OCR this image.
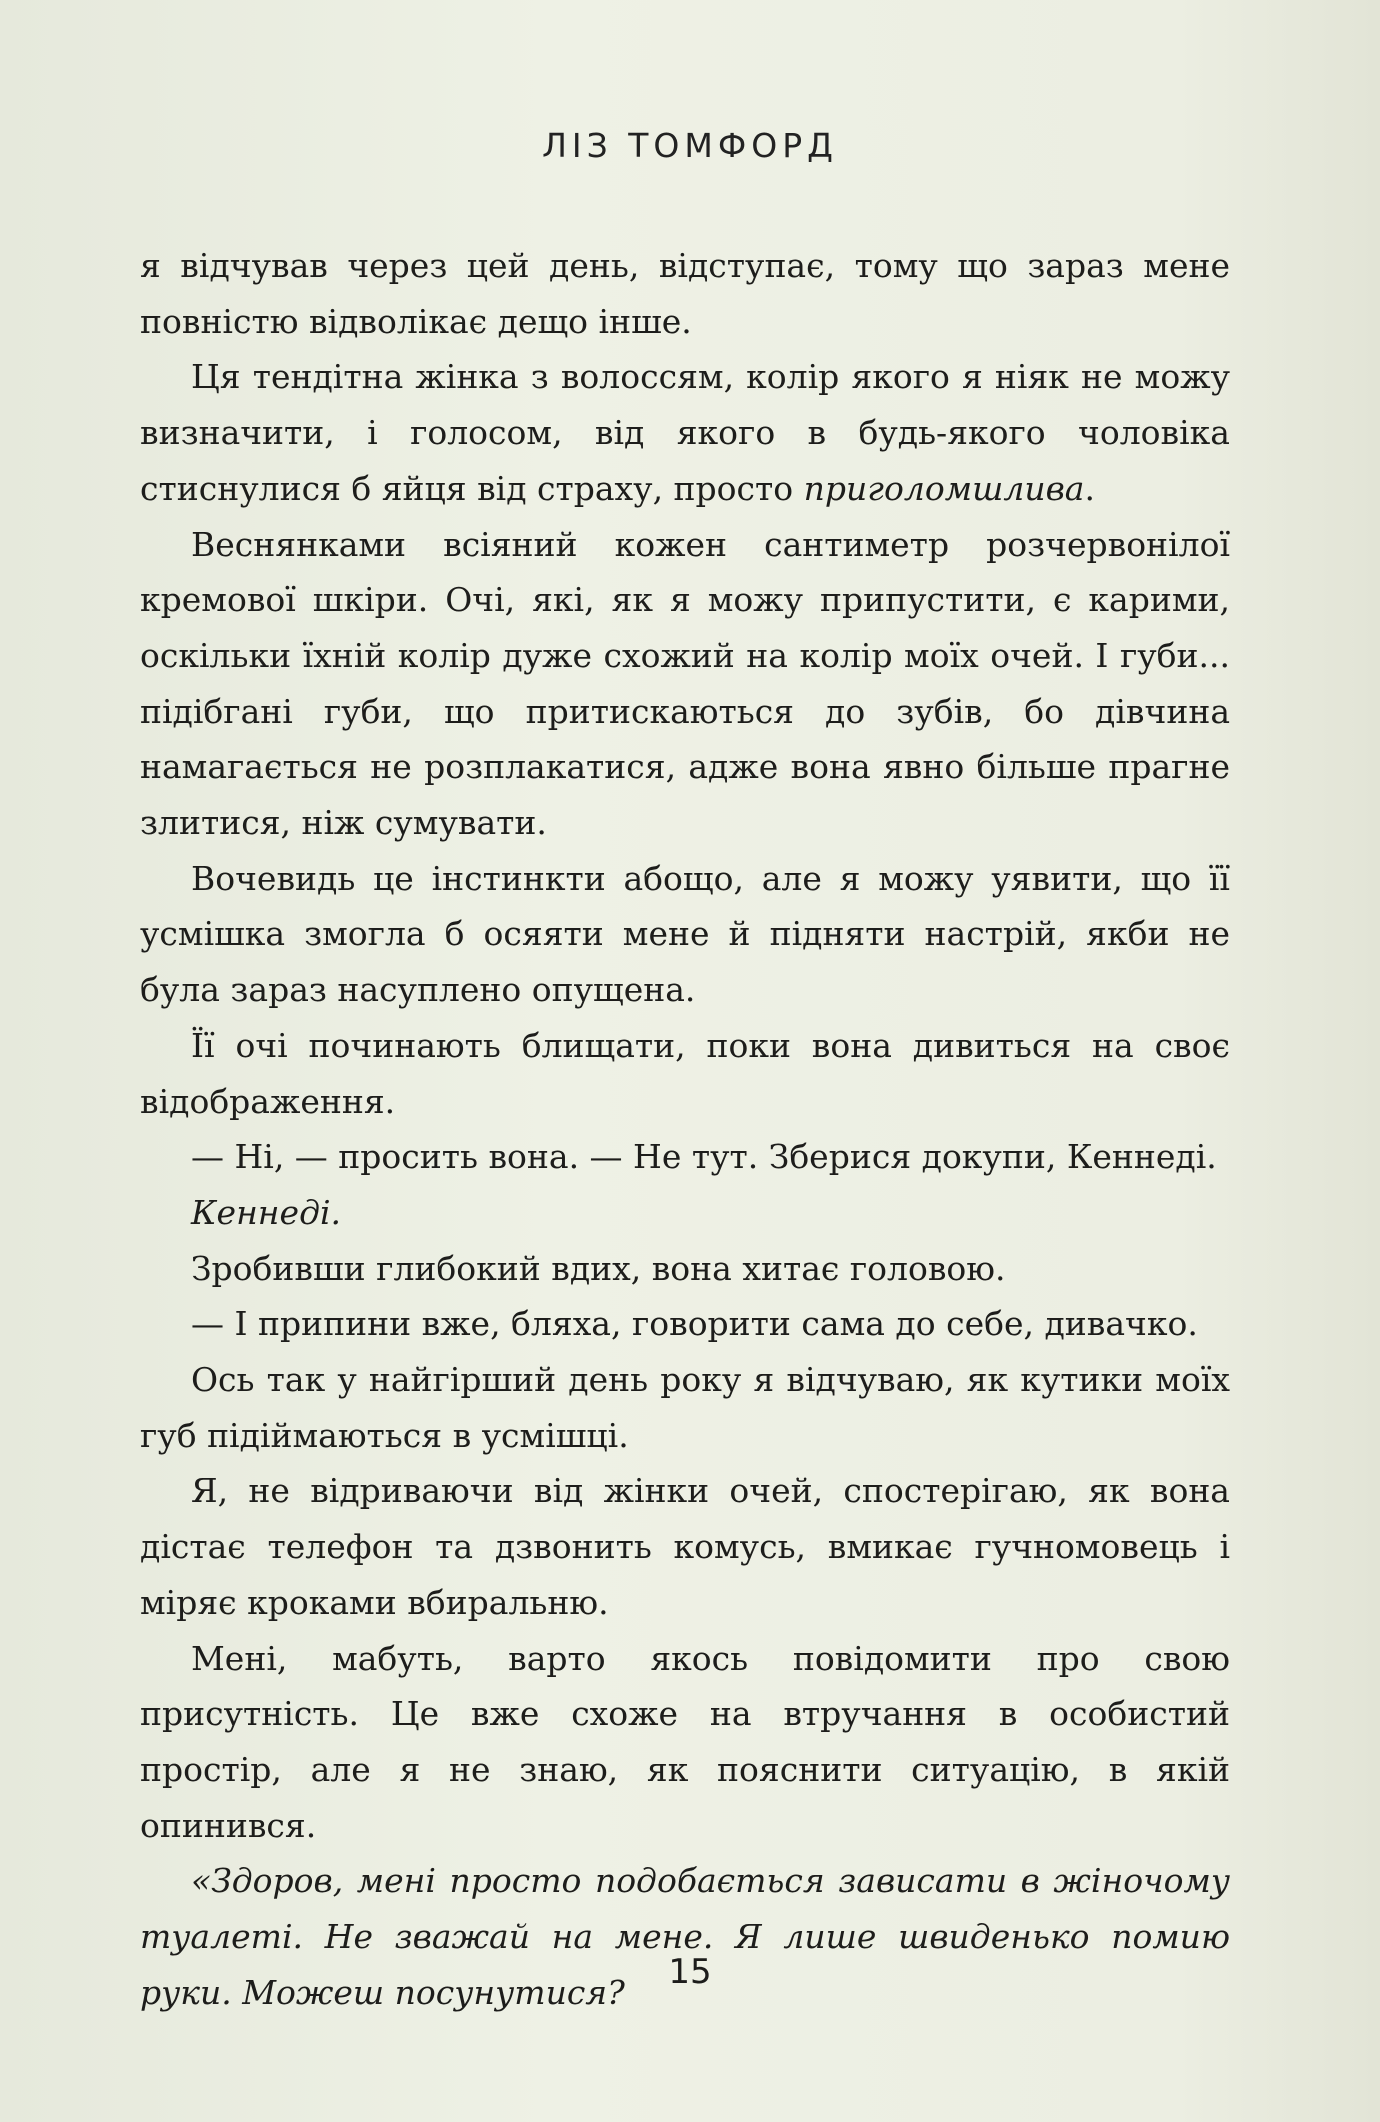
ЛІЗ ТОМФОРД

я відчував через цей день, відступає, тому що зараз мене повністю відволікає дещо інше.

Ця тендітна жінка з волоссям, колір якого я ніяк не можу визначити, і голосом, від якого в будь-якого чоловіка стиснулися б яйця від страху, просто приголомшлива.

Веснянками всіяний кожен сантиметр розчервонілої кремової шкіри. Очі, які, як я можу припустити, є карими, оскільки їхній колір дуже схожий на колір моїх очей. І губи... підібгані губи, що притискаються до зубів, бо дівчина намагається не розплакатися, адже вона явно більше прагне злитися, ніж сумувати.

Вочевидь це інстинкти абощо, але я можу уявити, що її усмішка змогла б осяяти мене й підняти настрій, якби не була зараз насуплено опущена.

Її очі починають блищати, поки вона дивиться на своє відображення.

— Ні, — просить вона. — Не тут. Зберися докупи, Кеннеді.

Кеннеді.

Зробивши глибокий вдих, вона хитає головою.

— І припини вже, бляха, говорити сама до себе, дивачко.

Ось так у найгірший день року я відчуваю, як кутики моїх губ підіймаються в усмішці.

Я, не відриваючи від жінки очей, спостерігаю, як вона дістає телефон та дзвонить комусь, вмикає гучномовець і міряє кроками вбиральню.

Мені, мабуть, варто якось повідомити про свою присутність. Це вже схоже на втручання в особистий простір, але я не знаю, як пояснити ситуацію, в якій опинився.

«Здоров, мені просто подобається зависати в жіночому туалеті. Не зважай на мене. Я лише швиденько помию руки. Можеш посунутися?

15
